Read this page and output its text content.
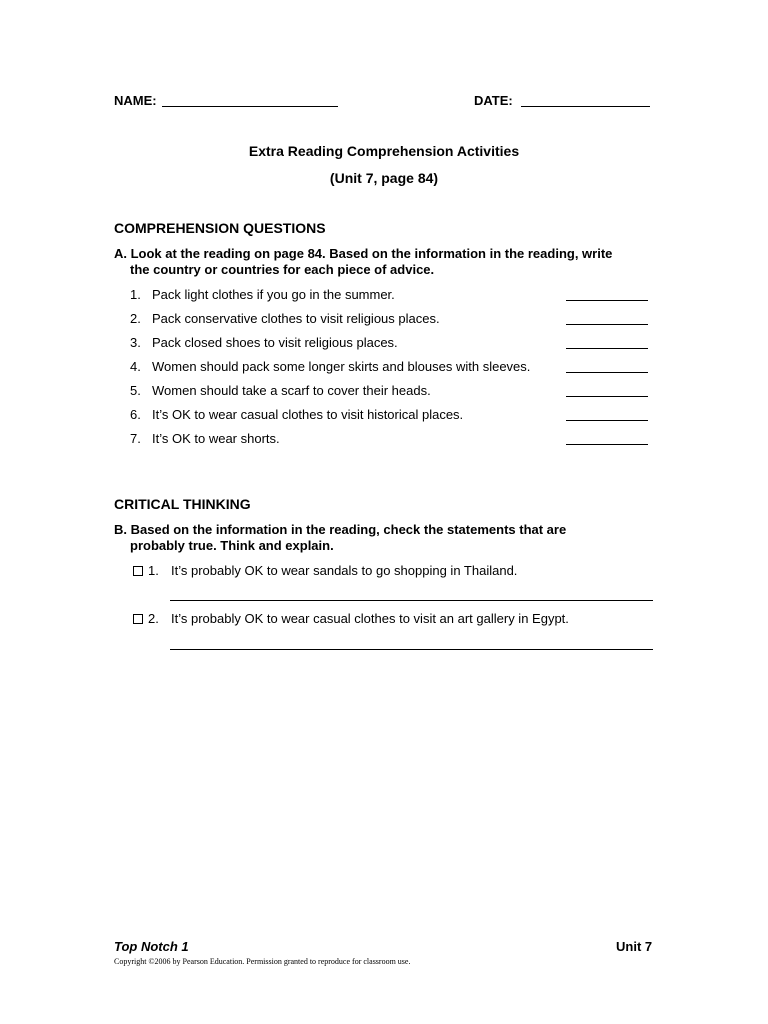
NAME:	DATE:
Extra Reading Comprehension Activities
(Unit 7, page 84)
COMPREHENSION QUESTIONS
A. Look at the reading on page 84. Based on the information in the reading, write
the country or countries for each piece of advice.
1. Pack light clothes if you go in the summer.
2. Pack conservative clothes to visit religious places.
3. Pack closed shoes to visit religious places.
4. Women should pack some longer skirts and blouses with sleeves.
5. Women should take a scarf to cover their heads.
6. It’s OK to wear casual clothes to visit historical places.
7. It’s OK to wear shorts.
CRITICAL THINKING
B. Based on the information in the reading, check the statements that are
probably true. Think and explain.
1. It’s probably OK to wear sandals to go shopping in Thailand.
2. It’s probably OK to wear casual clothes to visit an art gallery in Egypt.
Top Notch 1	Unit 7
Copyright ©2006 by Pearson Education. Permission granted to reproduce for classroom use.
